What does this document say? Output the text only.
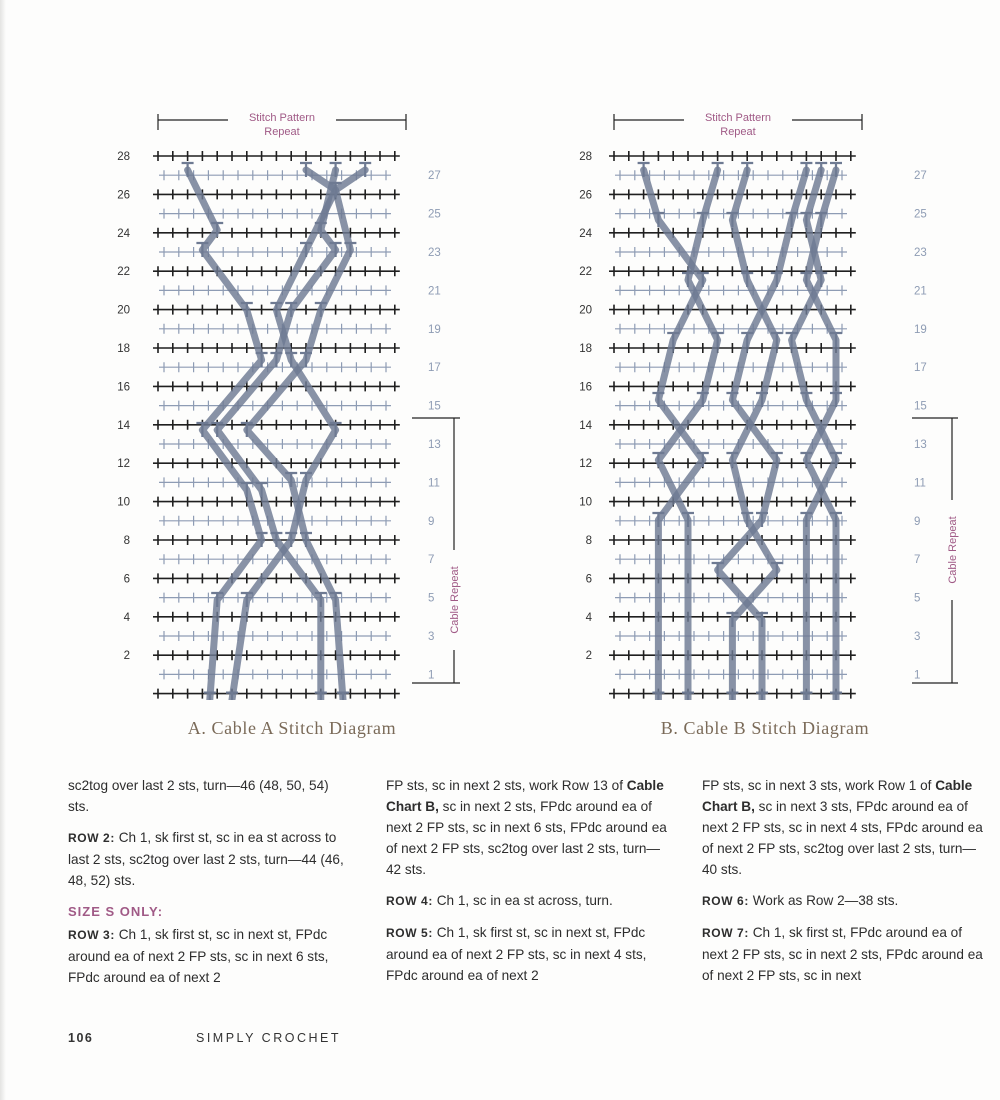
Stitch Pattern
Repeat
28
26
24
22
20
18
16
14
12
10
8
6
4
2
27
25
23
21
19
17
15
13
11
9
7
5
3
1
Stitch Pattern
Repeat
28
26
24
22
20
18
16
14
12
10
8
6
4
2
27
25
23
21
19
17
15
13
11
9
7
5
3
1
Cable Repeat
Cable Repeat
A. Cable A Stitch Diagram	B. Cable B Stitch Diagram

sc2tog over last 2 sts, turn—46 (48, 50, 54) sts.

ROW 2: Ch 1, sk first st, sc in ea st across to last 2 sts, sc2tog over last 2 sts, turn—44 (46, 48, 52) sts.

SIZE S ONLY:

ROW 3: Ch 1, sk first st, sc in next st, FPdc around ea of next 2 FP sts, sc in next 6 sts, FPdc around ea of next 2

FP sts, sc in next 2 sts, work Row 13 of Cable Chart B, sc in next 2 sts, FPdc around ea of next 2 FP sts, sc in next 6 sts, FPdc around ea of next 2 FP sts, sc2tog over last 2 sts, turn—42 sts.

ROW 4: Ch 1, sc in ea st across, turn.

ROW 5: Ch 1, sk first st, sc in next st, FPdc around ea of next 2 FP sts, sc in next 4 sts, FPdc around ea of next 2

FP sts, sc in next 3 sts, work Row 1 of Cable Chart B, sc in next 3 sts, FPdc around ea of next 2 FP sts, sc in next 4 sts, FPdc around ea of next 2 FP sts, sc2tog over last 2 sts, turn—40 sts.

ROW 6: Work as Row 2—38 sts.

ROW 7: Ch 1, sk first st, FPdc around ea of next 2 FP sts, sc in next 2 sts, FPdc around ea of next 2 FP sts, sc in next

106	SIMPLY CROCHET
